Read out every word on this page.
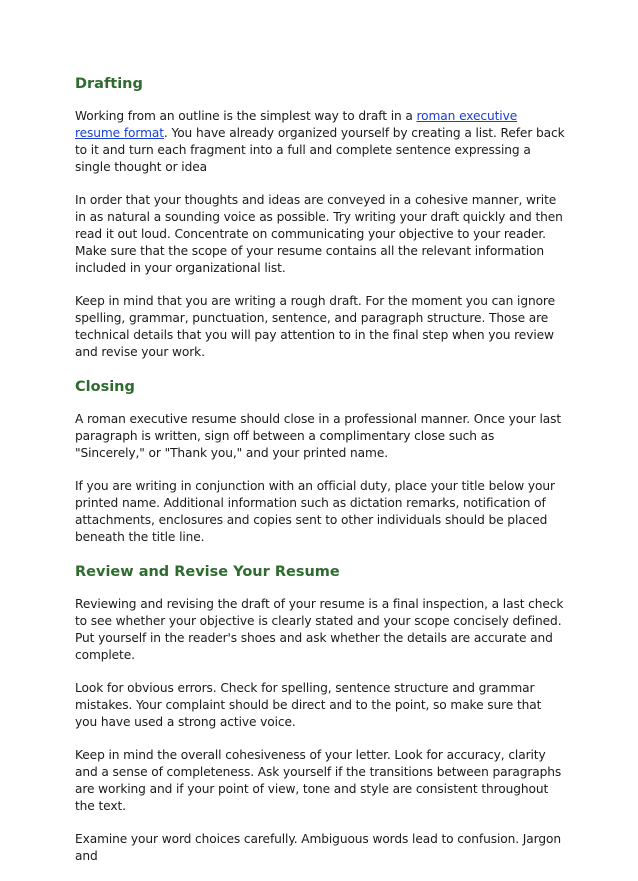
Drafting

Working from an outline is the simplest way to draft in a roman executive resume format. You have already organized yourself by creating a list. Refer back to it and turn each fragment into a full and complete sentence expressing a single thought or idea

In order that your thoughts and ideas are conveyed in a cohesive manner, write in as natural a sounding voice as possible. Try writing your draft quickly and then read it out loud. Concentrate on communicating your objective to your reader. Make sure that the scope of your resume contains all the relevant information included in your organizational list.

Keep in mind that you are writing a rough draft. For the moment you can ignore spelling, grammar, punctuation, sentence, and paragraph structure. Those are technical details that you will pay attention to in the final step when you review and revise your work.

Closing

A roman executive resume should close in a professional manner. Once your last paragraph is written, sign off between a complimentary close such as "Sincerely," or "Thank you," and your printed name.

If you are writing in conjunction with an official duty, place your title below your printed name. Additional information such as dictation remarks, notification of attachments, enclosures and copies sent to other individuals should be placed beneath the title line.

Review and Revise Your Resume

Reviewing and revising the draft of your resume is a final inspection, a last check to see whether your objective is clearly stated and your scope concisely defined. Put yourself in the reader's shoes and ask whether the details are accurate and complete.

Look for obvious errors. Check for spelling, sentence structure and grammar mistakes. Your complaint should be direct and to the point, so make sure that you have used a strong active voice.

Keep in mind the overall cohesiveness of your letter. Look for accuracy, clarity and a sense of completeness. Ask yourself if the transitions between paragraphs are working and if your point of view, tone and style are consistent throughout the text.

Examine your word choices carefully. Ambiguous words lead to confusion. Jargon and
